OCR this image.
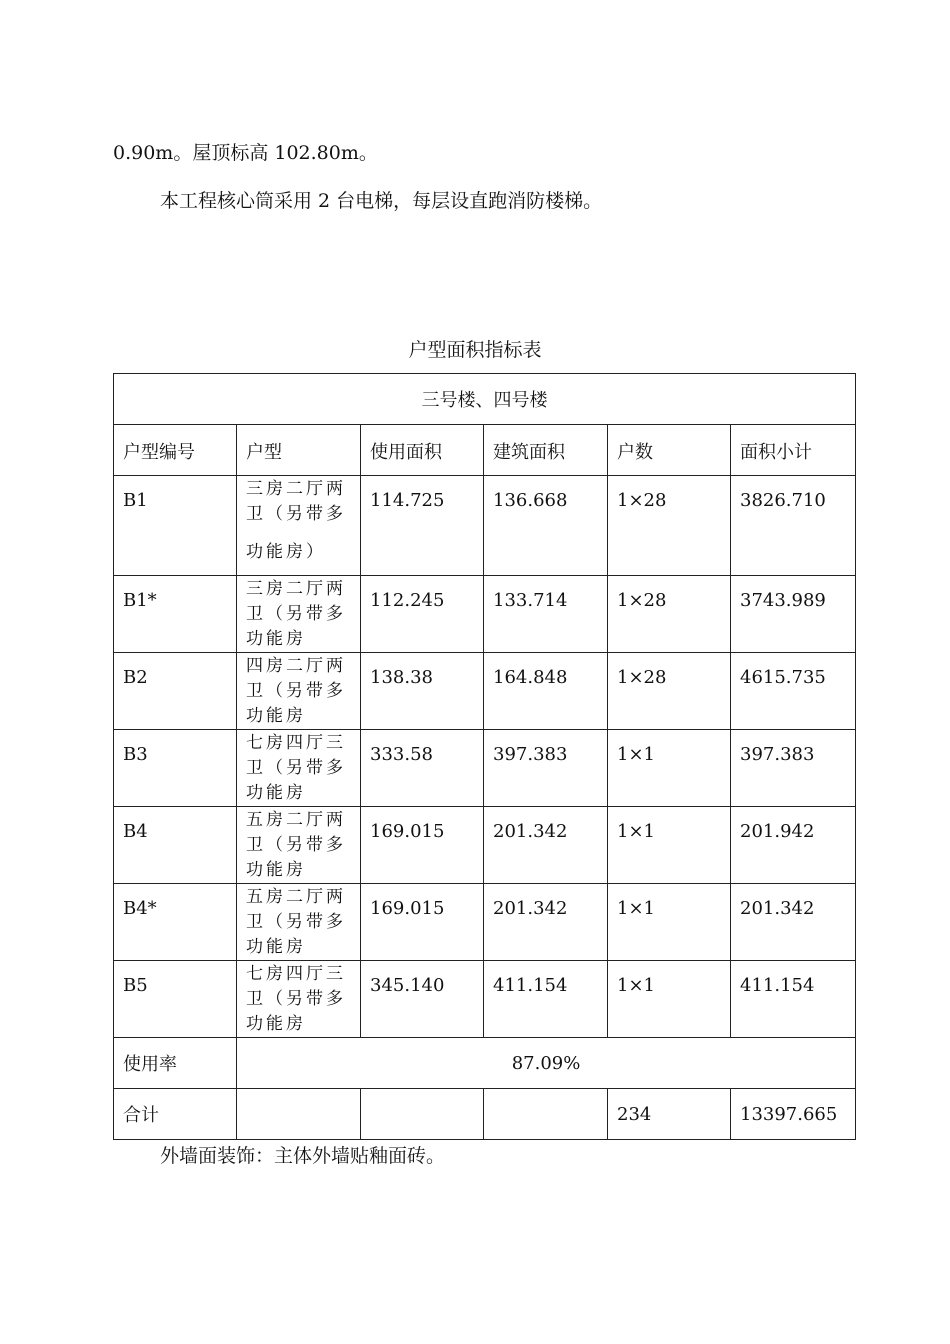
0.90m。屋顶标高 102.80m。
本工程核心筒采用 2 台电梯，每层设直跑消防楼梯。
户型面积指标表
三号楼、四号楼					
户型编号	户型	使用面积	建筑面积	户数	面积小计
B1	三房二厅两
卫（另带多
功能房）	114.725	136.668	1×28	3826.710
B1*	三房二厅两
卫（另带多
功能房	112.245	133.714	1×28	3743.989
B2	四房二厅两
卫（另带多
功能房	138.38	164.848	1×28	4615.735
B3	七房四厅三
卫（另带多
功能房	333.58	397.383	1×1	397.383
B4	五房二厅两
卫（另带多
功能房	169.015	201.342	1×1	201.942
B4*	五房二厅两
卫（另带多
功能房	169.015	201.342	1×1	201.342
B5	七房四厅三
卫（另带多
功能房	345.140	411.154	1×1	411.154
使用率	87.09%				
合计				234	13397.665
外墙面装饰：主体外墙贴釉面砖。
